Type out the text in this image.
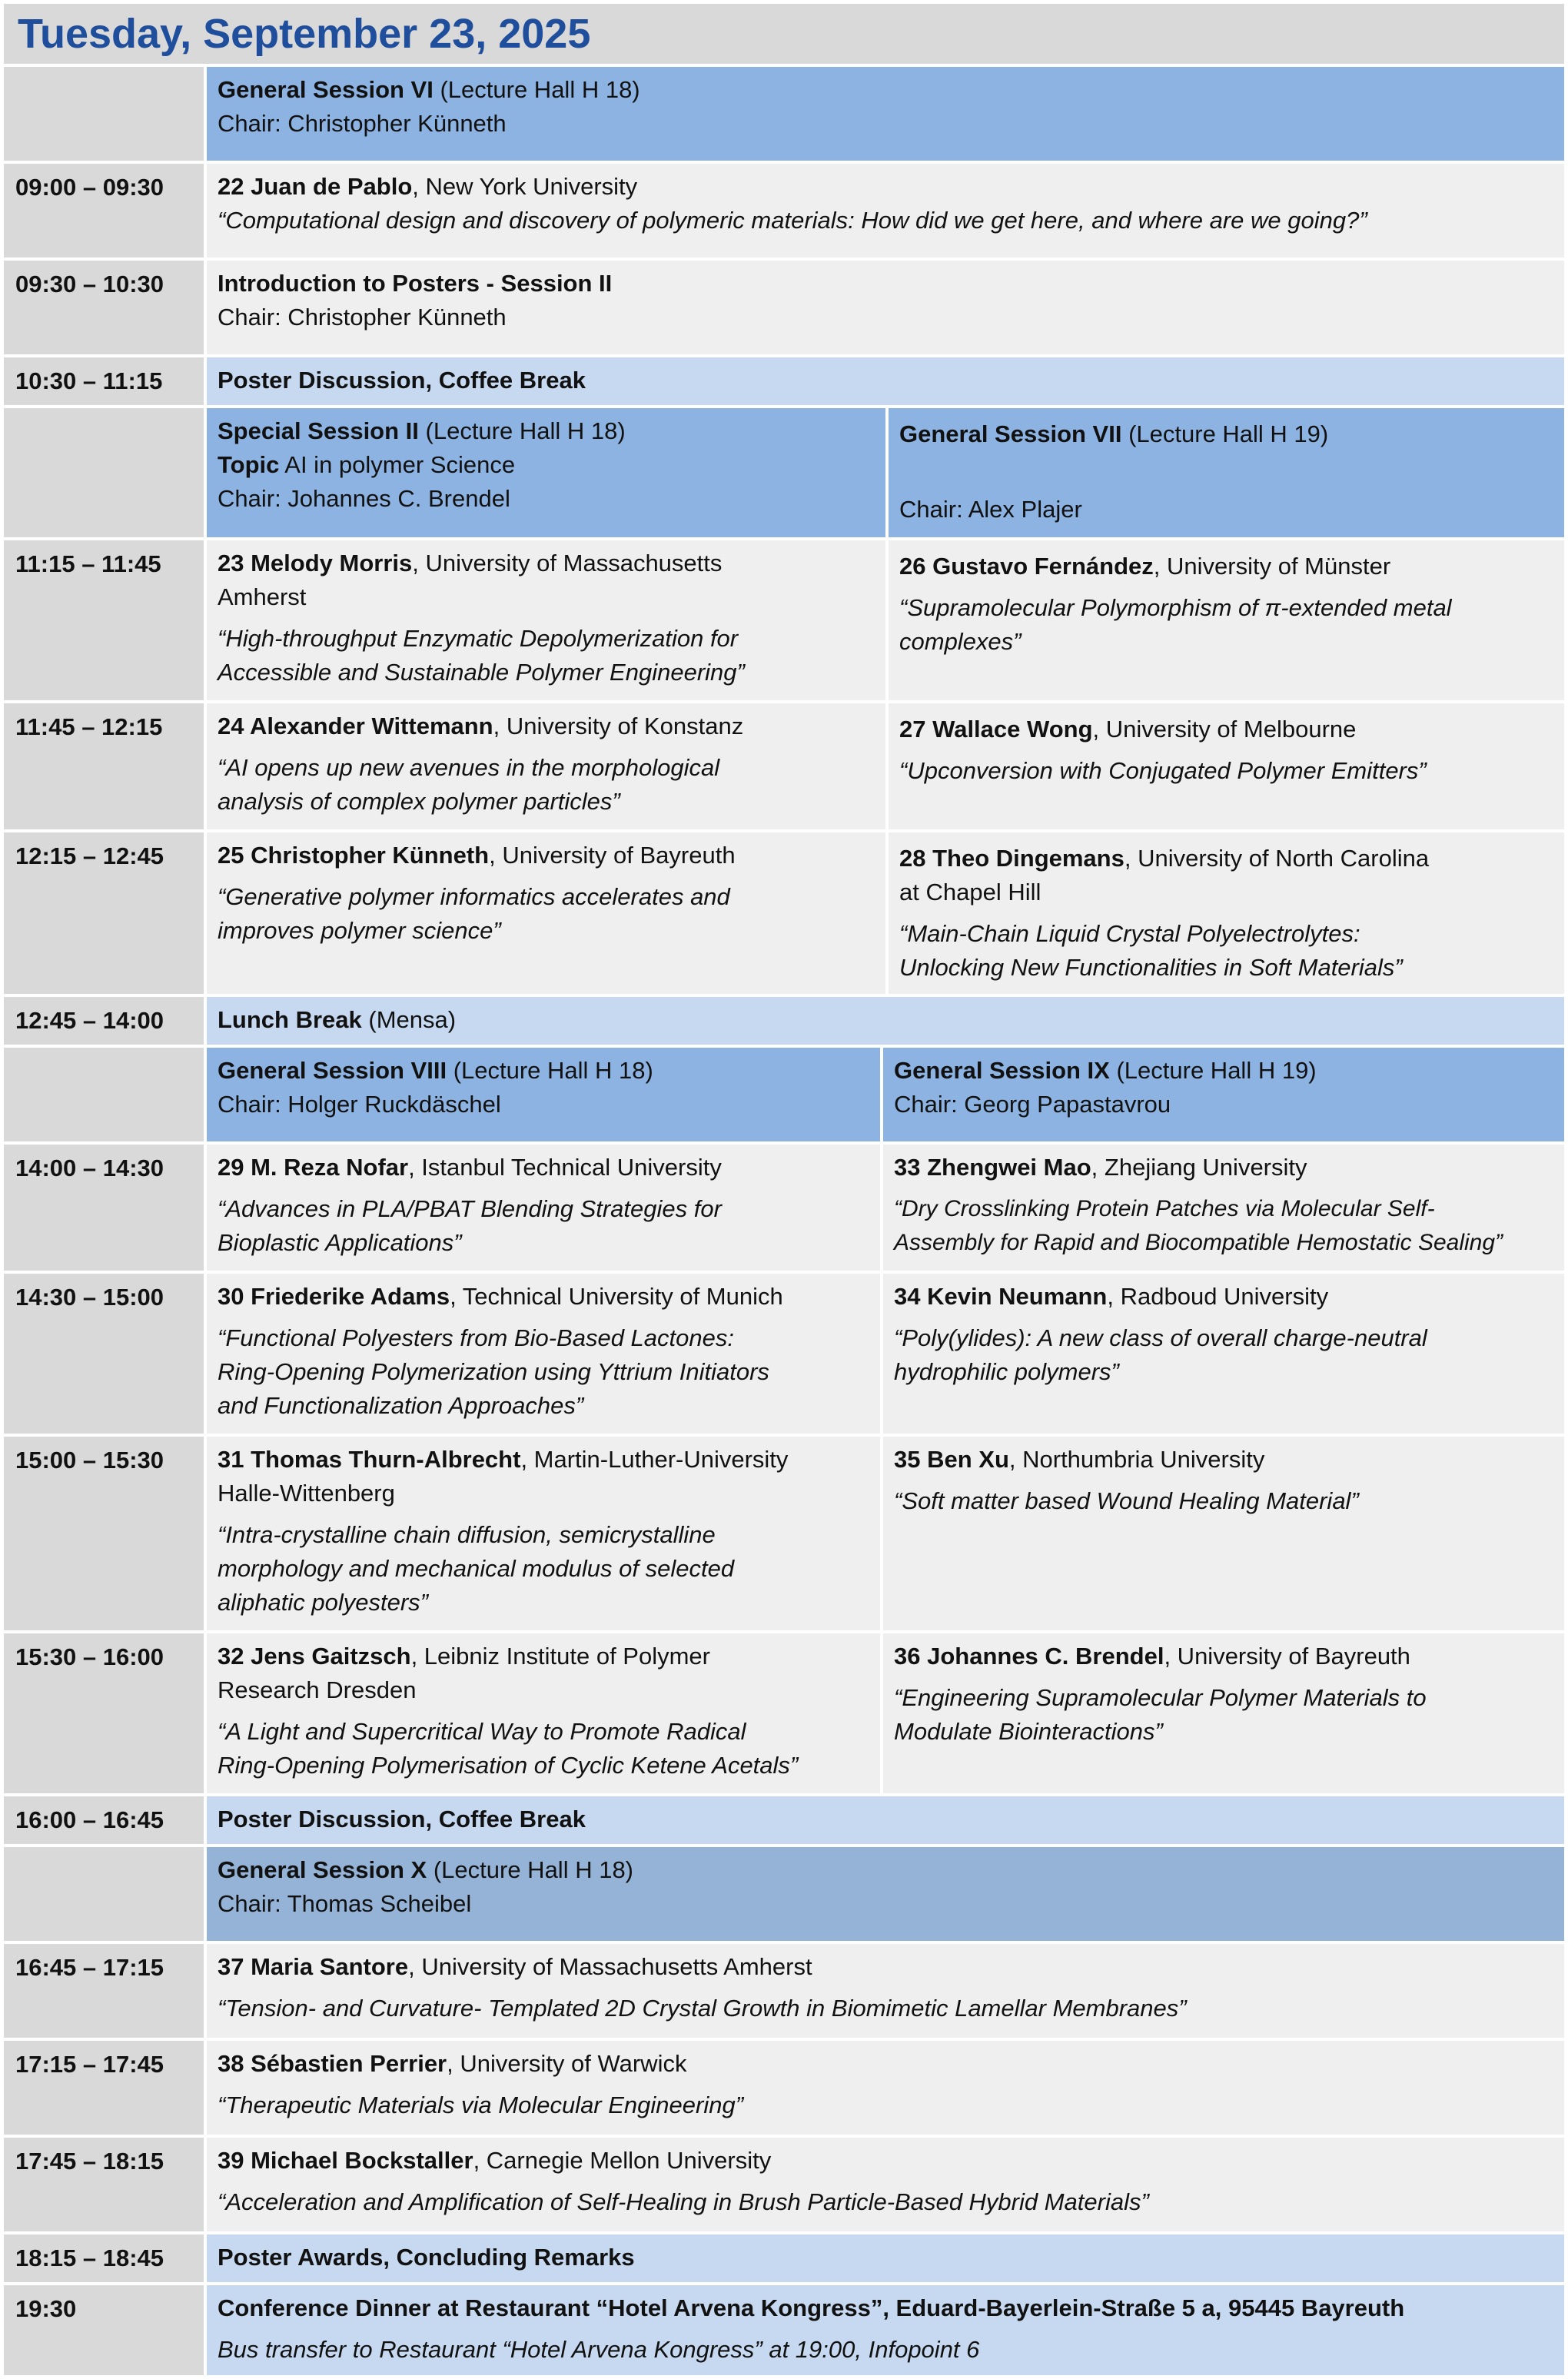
Tuesday, September 23, 2025
General Session VI (Lecture Hall H 18)
Chair: Christopher Künneth
09:00 – 09:30 22 Juan de Pablo, New York University
“Computational design and discovery of polymeric materials: How did we get here, and where are we going?”
09:30 – 10:30 Introduction to Posters - Session II
Chair: Christopher Künneth
10:30 – 11:15 Poster Discussion, Coffee Break
Special Session II (Lecture Hall H 18)
Topic AI in polymer Science
Chair: Johannes C. Brendel
General Session VII (Lecture Hall H 19)
Chair: Alex Plajer
11:15 – 11:45 23 Melody Morris, University of Massachusetts
Amherst
“High-throughput Enzymatic Depolymerization for
Accessible and Sustainable Polymer Engineering”
26 Gustavo Fernández, University of Münster
“Supramolecular Polymorphism of π-extended metal
complexes”
11:45 – 12:15 24 Alexander Wittemann, University of Konstanz
“AI opens up new avenues in the morphological
analysis of complex polymer particles”
27 Wallace Wong, University of Melbourne
“Upconversion with Conjugated Polymer Emitters”
12:15 – 12:45 25 Christopher Künneth, University of Bayreuth
“Generative polymer informatics accelerates and
improves polymer science”
28 Theo Dingemans, University of North Carolina
at Chapel Hill
“Main-Chain Liquid Crystal Polyelectrolytes:
Unlocking New Functionalities in Soft Materials”
12:45 – 14:00 Lunch Break (Mensa)
General Session VIII (Lecture Hall H 18)
Chair: Holger Ruckdäschel
General Session IX (Lecture Hall H 19)
Chair: Georg Papastavrou
14:00 – 14:30 29 M. Reza Nofar, Istanbul Technical University
“Advances in PLA/PBAT Blending Strategies for
Bioplastic Applications”
33 Zhengwei Mao, Zhejiang University
“Dry Crosslinking Protein Patches via Molecular Self-
Assembly for Rapid and Biocompatible Hemostatic Sealing”
14:30 – 15:00 30 Friederike Adams, Technical University of Munich
“Functional Polyesters from Bio-Based Lactones:
Ring-Opening Polymerization using Yttrium Initiators
and Functionalization Approaches”
34 Kevin Neumann, Radboud University
“Poly(ylides): A new class of overall charge-neutral
hydrophilic polymers”
15:00 – 15:30 31 Thomas Thurn-Albrecht, Martin-Luther-University
Halle-Wittenberg
“Intra-crystalline chain diffusion, semicrystalline
morphology and mechanical modulus of selected
aliphatic polyesters”
35 Ben Xu, Northumbria University
“Soft matter based Wound Healing Material”
15:30 – 16:00 32 Jens Gaitzsch, Leibniz Institute of Polymer
Research Dresden
“A Light and Supercritical Way to Promote Radical
Ring-Opening Polymerisation of Cyclic Ketene Acetals”
36 Johannes C. Brendel, University of Bayreuth
“Engineering Supramolecular Polymer Materials to
Modulate Biointeractions”
16:00 – 16:45 Poster Discussion, Coffee Break
General Session X (Lecture Hall H 18)
Chair: Thomas Scheibel
16:45 – 17:15 37 Maria Santore, University of Massachusetts Amherst
“Tension- and Curvature- Templated 2D Crystal Growth in Biomimetic Lamellar Membranes”
17:15 – 17:45 38 Sébastien Perrier, University of Warwick
“Therapeutic Materials via Molecular Engineering”
17:45 – 18:15 39 Michael Bockstaller, Carnegie Mellon University
“Acceleration and Amplification of Self-Healing in Brush Particle-Based Hybrid Materials”
18:15 – 18:45 Poster Awards, Concluding Remarks
19:30	Conference Dinner at Restaurant “Hotel Arvena Kongress”, Eduard-Bayerlein-Straße 5 a, 95445 Bayreuth
Bus transfer to Restaurant “Hotel Arvena Kongress” at 19:00, Infopoint 6
